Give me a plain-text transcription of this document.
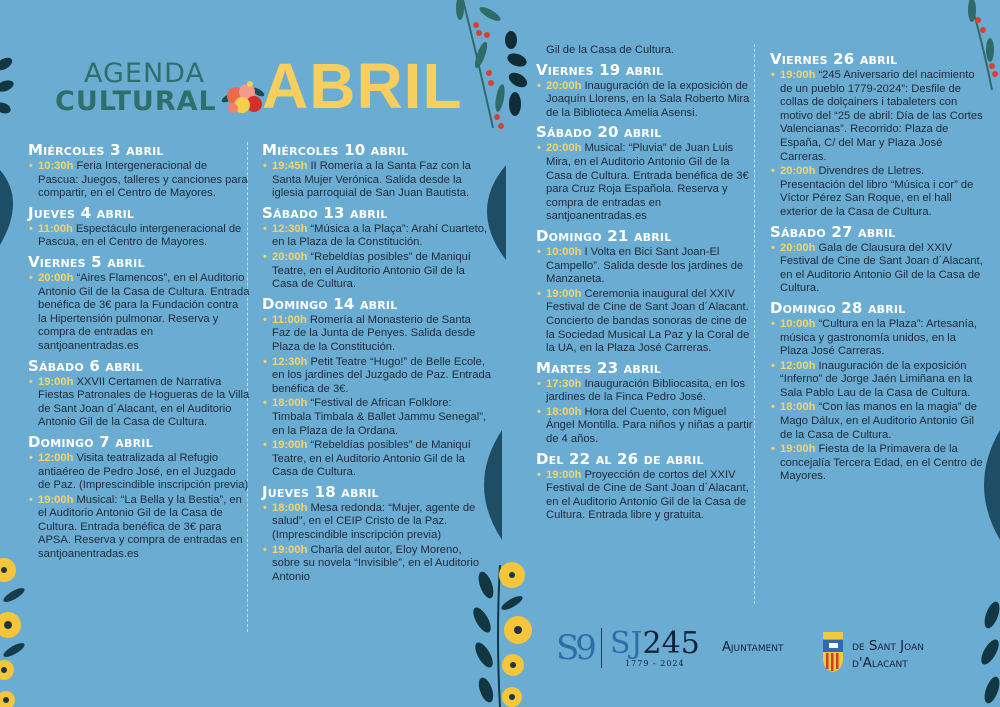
AGENDA
CULTURAL ABRIL
Miércoles 3 abril
• 10:30h Feria Intergeneracional de Pascua: Juegos, talleres y canciones para compartir, en el Centro de Mayores.
Jueves 4 abril
• 11:00h Espectáculo intergeneracional de Pascua, en el Centro de Mayores.
Viernes 5 abril
• 20:00h “Aires Flamencos”, en el Auditorio Antonio Gil de la Casa de Cultura. Entrada benéfica de 3€ para la Fundación contra la Hipertensión pulmonar. Reserva y compra de entradas en santjoanentradas.es
Sábado 6 abril
• 19:00h XXVII Certamen de Narrativa Fiestas Patronales de Hogueras de la Villa de Sant Joan d´Alacant, en el Auditorio Antonio Gil de la Casa de Cultura.
Domingo 7 abril
• 12:00h Visita teatralizada al Refugio antiaéreo de Pedro José, en el Juzgado de Paz. (Imprescindible inscripción previa)
• 19:00h Musical: “La Bella y la Bestia”, en el Auditorio Antonio Gil de la Casa de Cultura. Entrada benéfica de 3€ para APSA. Reserva y compra de entradas en santjoanentradas.es
Miércoles 10 abril
• 19:45h II Romería a la Santa Faz con la Santa Mujer Verónica. Salida desde la iglesia parroquial de San Juan Bautista.
Sábado 13 abril
• 12:30h “Música a la Plaça”: Arahí Cuarteto, en la Plaza de la Constitución.
• 20:00h “Rebeldías posibles” de Maniquí Teatre, en el Auditorio Antonio Gil de la Casa de Cultura.
Domingo 14 abril
• 11:00h Romería al Monasterio de Santa Faz de la Junta de Penyes. Salida desde Plaza de la Constitución.
• 12:30h Petit Teatre “Hugo!” de Belle Ecole, en los jardines del Juzgado de Paz. Entrada benéfica de 3€.
• 18:00h “Festival de African Folklore: Timbala Timbala & Ballet Jammu Senegal”, en la Plaza de la Ordana.
• 19:00h “Rebeldías posibles” de Maniquí Teatre, en el Auditorio Antonio Gil de la Casa de Cultura.
Jueves 18 abril
• 18:00h Mesa redonda: “Mujer, agente de salud”, en el CEIP Cristo de la Paz. (Imprescindible inscripción previa)
• 19:00h Charla del autor, Eloy Moreno, sobre su novela “Invisible”, en el Auditorio Antonio
Gil de la Casa de Cultura.
Viernes 19 abril
• 20:00h Inauguración de la exposición de Joaquín Llorens, en la Sala Roberto Mira de la Biblioteca Amelia Asensi.
Sábado 20 abril
• 20:00h Musical: “Pluvia” de Juan Luis Mira, en el Auditorio Antonio Gil de la Casa de Cultura. Entrada benéfica de 3€ para Cruz Roja Española. Reserva y compra de entradas en santjoanentradas.es
Domingo 21 abril
• 10:00h I Volta en Bici Sant Joan-El Campello”. Salida desde los jardines de Manzaneta.
• 19:00h Ceremonia inaugural del XXIV Festival de Cine de Sant Joan d´Alacant. Concierto de bandas sonoras de cine de la Sociedad Musical La Paz y la Coral de la UA, en la Plaza José Carreras.
Martes 23 abril
• 17:30h Inauguración Bibliocasita, en los jardines de la Finca Pedro José.
• 18:00h Hora del Cuento, con Miguel Ángel Montilla. Para niños y niñas a partir de 4 años.
Del 22 al 26 de abril
• 19:00h Proyección de cortos del XXIV Festival de Cine de Sant Joan d´Alacant, en el Auditorio Antonio Gil de la Casa de Cultura. Entrada libre y gratuita.
Viernes 26 abril
• 19:00h “245 Aniversario del nacimiento de un pueblo 1779-2024”: Desfile de collas de dolçainers i tabaleters con motivo del “25 de abril: Día de las Cortes Valencianas”. Recorrido: Plaza de España, C/ del Mar y Plaza José Carreras.
• 20:00h Divendres de Lletres. Presentación del libro “Música i cor” de Víctor Pérez San Roque, en el hall exterior de la Casa de Cultura.
Sábado 27 abril
• 20:00h Gala de Clausura del XXIV Festival de Cine de Sant Joan d´Alacant, en el Auditorio Antonio Gil de la Casa de Cultura.
Domingo 28 abril
• 10:00h “Cultura en la Plaza”: Artesanía, música y gastronomía unidos, en la Plaza José Carreras.
• 12:00h Inauguración de la exposición “Inferno” de Jorge Jaén Limiñana en la Sala Pablo Lau de la Casa de Cultura.
• 18:00h “Con las manos en la magia” de Mago Dálux, en el Auditorio Antonio Gil de la Casa de Cultura.
• 19:00h Fiesta de la Primavera de la concejalía Tercera Edad, en el Centro de Mayores.
S9 SJ245
1779 - 2024
Ajuntament	de Sant Joan
d'Alacant
